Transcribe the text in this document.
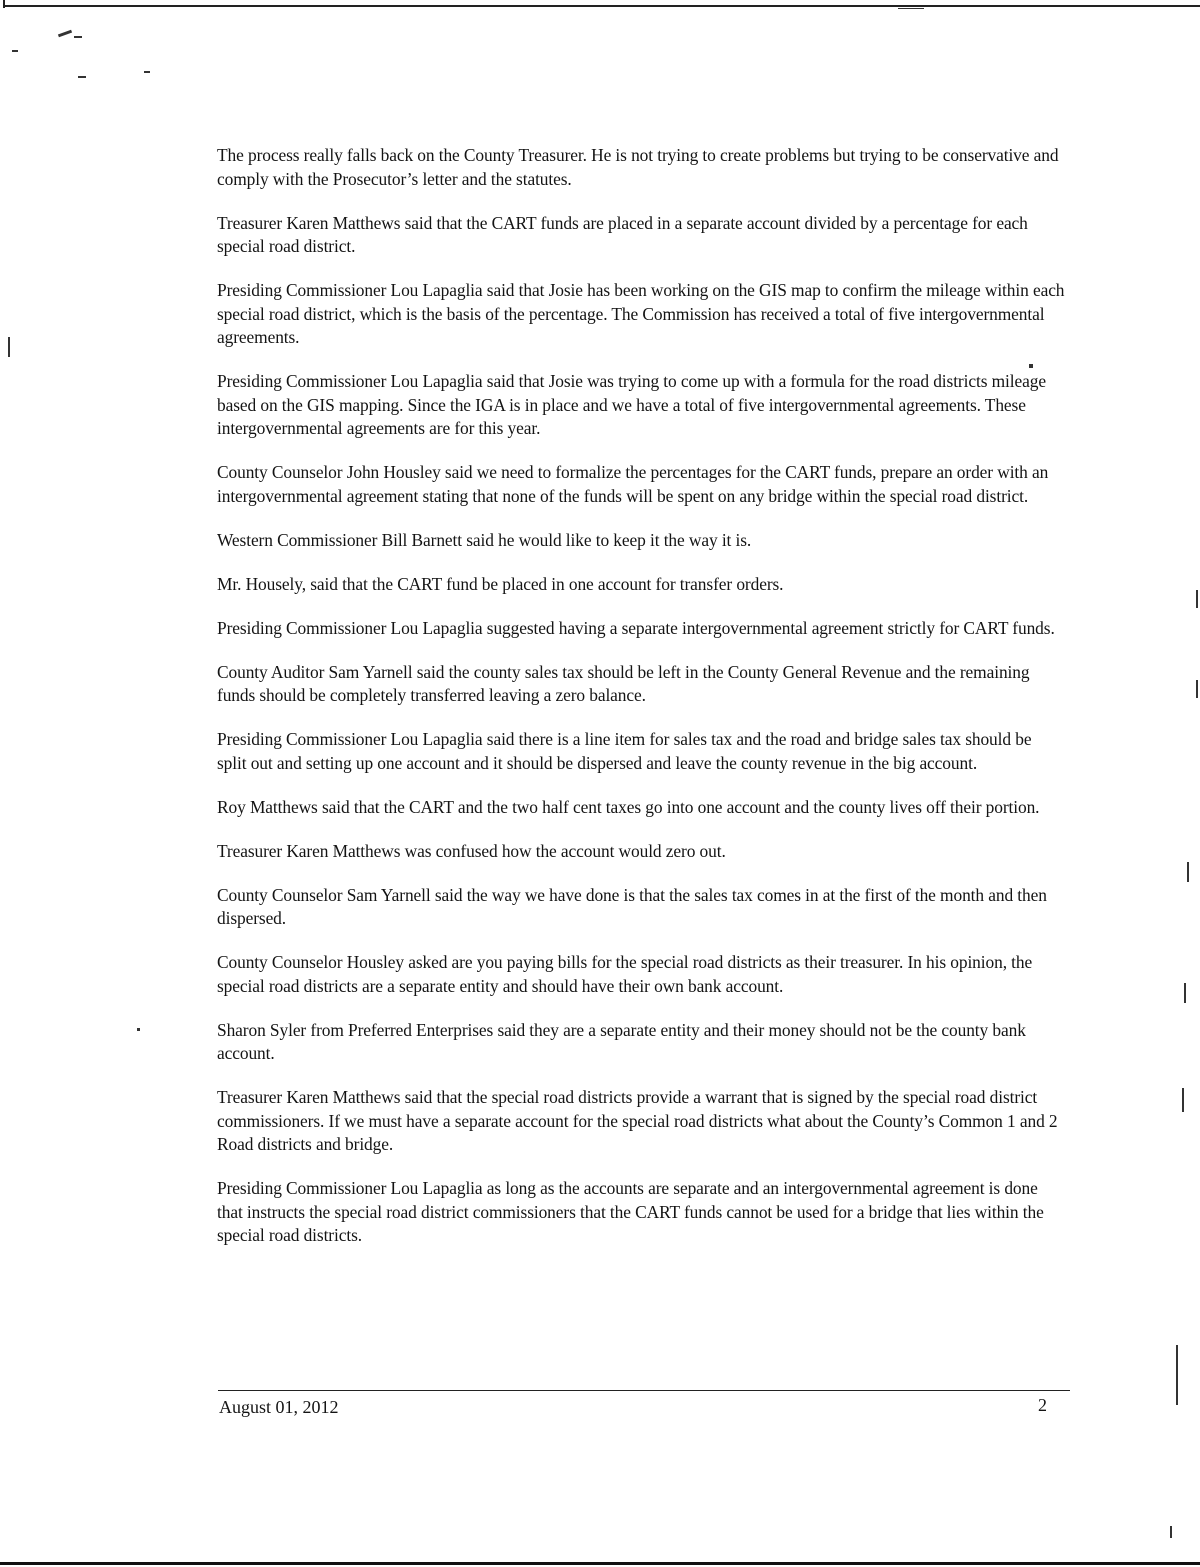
The process really falls back on the County Treasurer. He is not trying to create problems but trying to be conservative and comply with the Prosecutor’s letter and the statutes.

Treasurer Karen Matthews said that the CART funds are placed in a separate account divided by a percentage for each special road district.

Presiding Commissioner Lou Lapaglia said that Josie has been working on the GIS map to confirm the mileage within each special road district, which is the basis of the percentage. The Commission has received a total of five intergovernmental agreements.

Presiding Commissioner Lou Lapaglia said that Josie was trying to come up with a formula for the road districts mileage based on the GIS mapping. Since the IGA is in place and we have a total of five intergovernmental agreements. These intergovernmental agreements are for this year.

County Counselor John Housley said we need to formalize the percentages for the CART funds, prepare an order with an intergovernmental agreement stating that none of the funds will be spent on any bridge within the special road district.

Western Commissioner Bill Barnett said he would like to keep it the way it is.

Mr. Housely, said that the CART fund be placed in one account for transfer orders.

Presiding Commissioner Lou Lapaglia suggested having a separate intergovernmental agreement strictly for CART funds.

County Auditor Sam Yarnell said the county sales tax should be left in the County General Revenue and the remaining funds should be completely transferred leaving a zero balance.

Presiding Commissioner Lou Lapaglia said there is a line item for sales tax and the road and bridge sales tax should be split out and setting up one account and it should be dispersed and leave the county revenue in the big account.

Roy Matthews said that the CART and the two half cent taxes go into one account and the county lives off their portion.

Treasurer Karen Matthews was confused how the account would zero out.

County Counselor Sam Yarnell said the way we have done is that the sales tax comes in at the first of the month and then dispersed.

County Counselor Housley asked are you paying bills for the special road districts as their treasurer. In his opinion, the special road districts are a separate entity and should have their own bank account.

Sharon Syler from Preferred Enterprises said they are a separate entity and their money should not be the county bank account.

Treasurer Karen Matthews said that the special road districts provide a warrant that is signed by the special road district commissioners. If we must have a separate account for the special road districts what about the County’s Common 1 and 2 Road districts and bridge.

Presiding Commissioner Lou Lapaglia as long as the accounts are separate and an intergovernmental agreement is done that instructs the special road district commissioners that the CART funds cannot be used for a bridge that lies within the special road districts.

August 01, 2012	2
